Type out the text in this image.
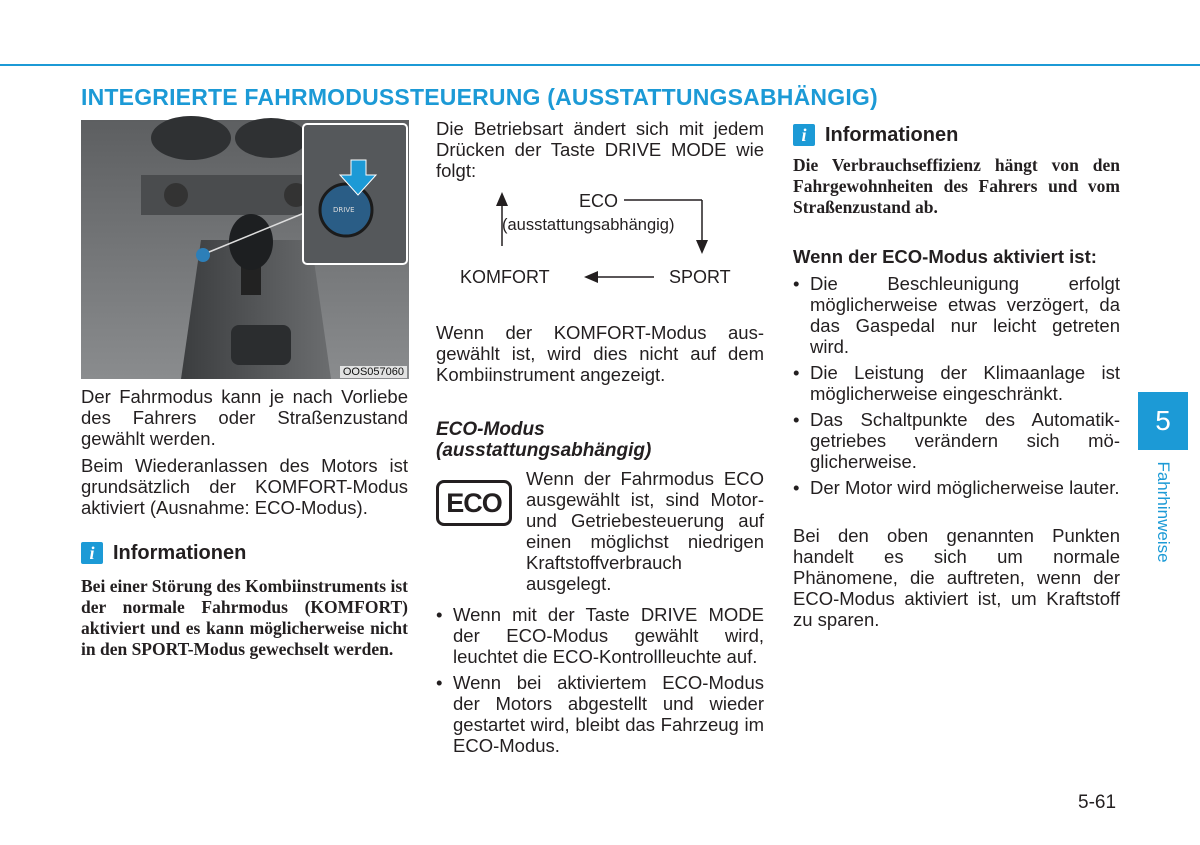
INTEGRIERTE FAHRMODUSSTEUERUNG (AUSSTATTUNGSABHÄNGIG)
DRIVE
OOS057060

Der Fahrmodus kann je nach Vorliebe des Fahrers oder Straßenzustand gewählt werden.

Beim Wiederanlassen des Motors ist grundsätzlich der KOMFORT-Modus aktiviert (Ausnahme: ECO-Modus).

i Informationen

Bei einer Störung des Kombiinstruments ist der normale Fahrmodus (KOMFORT) aktiviert und es kann möglicherweise nicht in den SPORT-Modus gewechselt werden.

Die Betriebsart ändert sich mit jedem Drücken der Taste DRIVE MODE wie folgt:

ECO
(ausstattungsabhängig)
KOMFORT	SPORT

Wenn der KOMFORT-Modus ausgewählt ist, wird dies nicht auf dem Kombiinstrument angezeigt.

ECO-Modus
(ausstattungsabhängig)

ECO

Wenn der Fahrmodus ECO ausgewählt ist, sind Motor- und Getriebesteuerung auf einen möglichst niedrigen Kraftstoffverbrauch ausgelegt.

• Wenn mit der Taste DRIVE MODE der ECO-Modus gewählt wird, leuchtet die ECO-Kontrollleuchte auf.
• Wenn bei aktiviertem ECO-Modus der Motors abgestellt und wieder gestartet wird, bleibt das Fahrzeug im ECO-Modus.
i Informationen

Die Verbrauchseffizienz hängt von den Fahrgewohnheiten des Fahrers und vom Straßenzustand ab.

Wenn der ECO-Modus aktiviert ist:

• Die Beschleunigung erfolgt möglicherweise etwas verzögert, da das Gaspedal nur leicht getreten wird.
• Die Leistung der Klimaanlage ist möglicherweise eingeschränkt.
• Das Schaltpunkte des Automatikgetriebes verändern sich möglicherweise.
• Der Motor wird möglicherweise lauter.

Bei den oben genannten Punkten handelt es sich um normale Phänomene, die auftreten, wenn der ECO-Modus aktiviert ist, um Kraftstoff zu sparen.

5
Fahrhinweise
5-61
